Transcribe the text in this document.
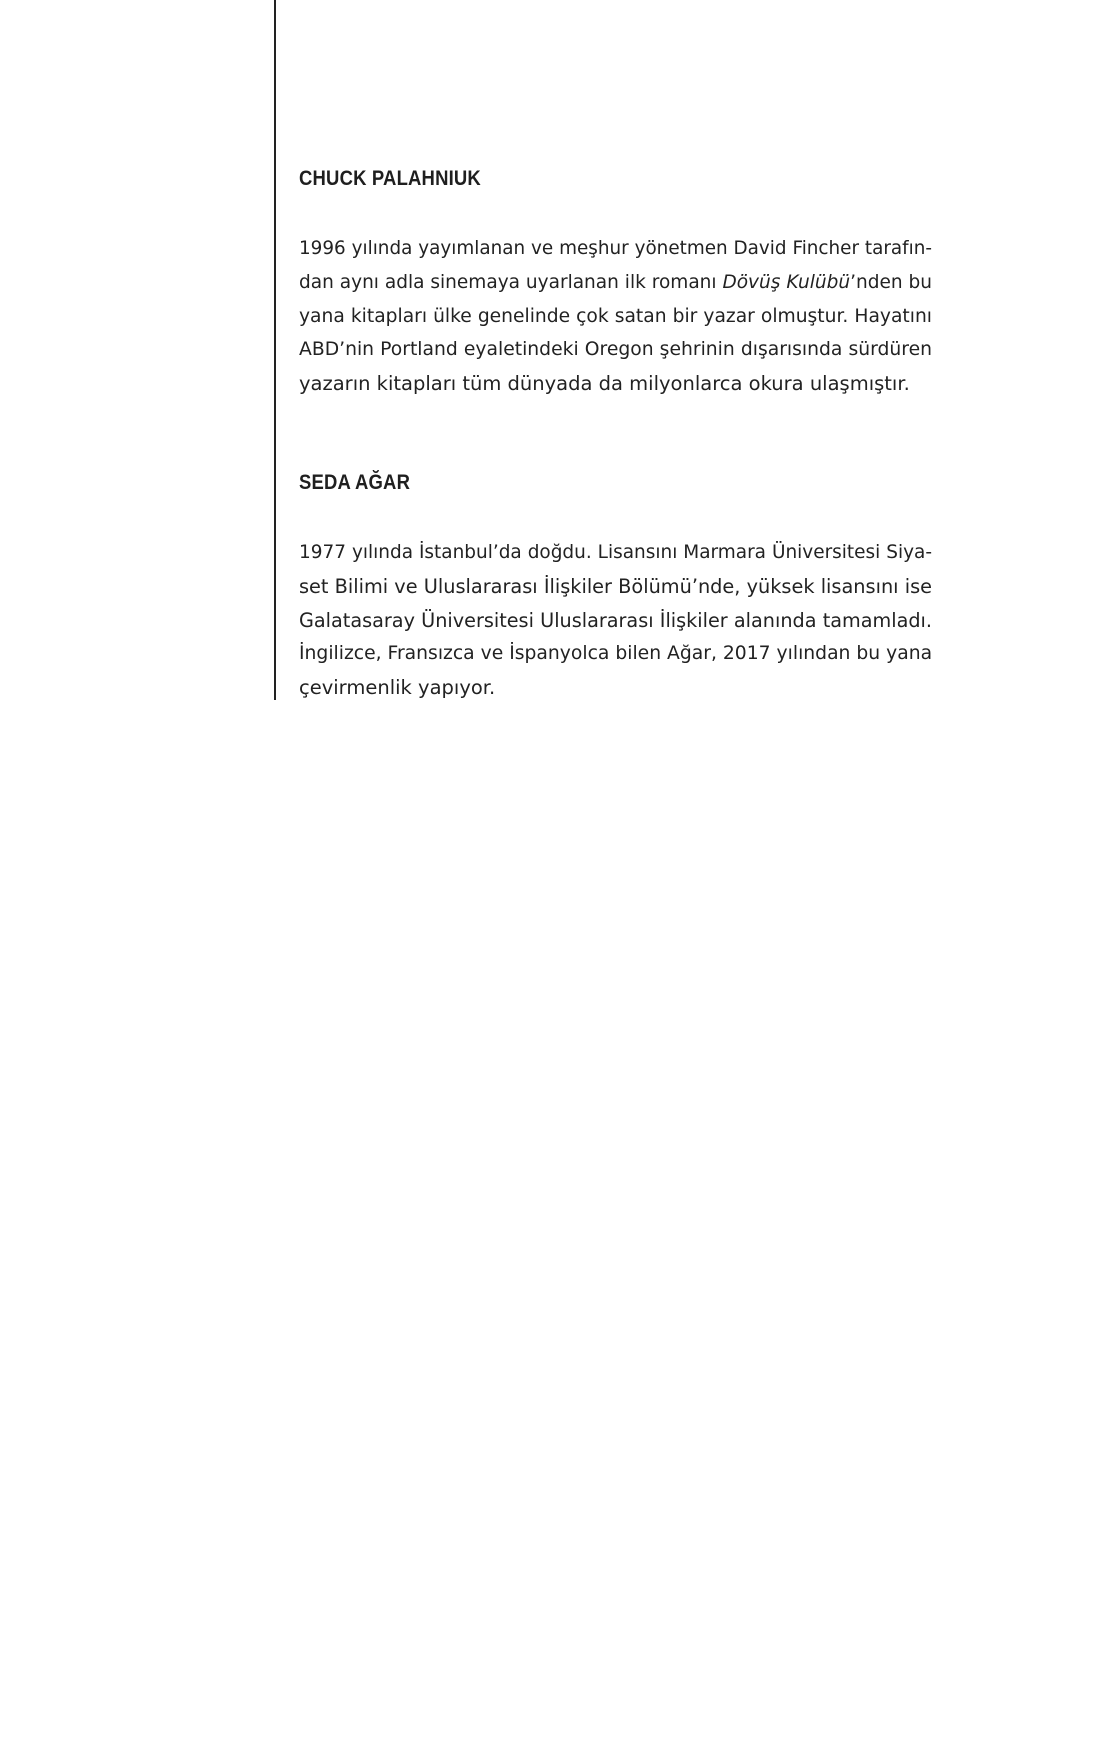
CHUCK PALAHNIUK

1996 yılında yayımlanan ve meşhur yönetmen David Fincher tarafın-
dan aynı adla sinemaya uyarlanan ilk romanı Dövüş Kulübü’nden bu
yana kitapları ülke genelinde çok satan bir yazar olmuştur. Hayatını
ABD’nin Portland eyaletindeki Oregon şehrinin dışarısında sürdüren
yazarın kitapları tüm dünyada da milyonlarca okura ulaşmıştır.

SEDA AĞAR

1977 yılında İstanbul’da doğdu. Lisansını Marmara Üniversitesi Siya-
set Bilimi ve Uluslararası İlişkiler Bölümü’nde, yüksek lisansını ise
Galatasaray Üniversitesi Uluslararası İlişkiler alanında tamamladı.
İngilizce, Fransızca ve İspanyolca bilen Ağar, 2017 yılından bu yana
çevirmenlik yapıyor.
